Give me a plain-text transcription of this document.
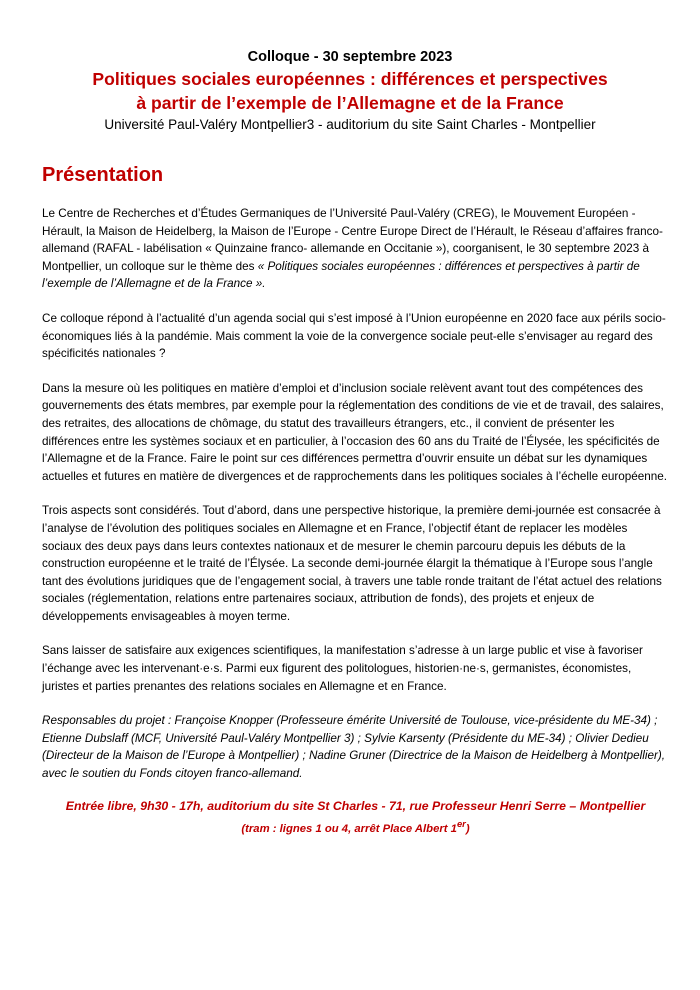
Colloque - 30 septembre 2023
Politiques sociales européennes : différences et perspectives
à partir de l’exemple de l’Allemagne et de la France
Université Paul-Valéry Montpellier3 - auditorium du site Saint Charles - Montpellier
Présentation

Le Centre de Recherches et d’Études Germaniques de l’Université Paul-Valéry (CREG), le Mouvement Européen - Hérault, la Maison de Heidelberg, la Maison de l’Europe - Centre Europe Direct de l’Hérault, le Réseau d’affaires franco-allemand (RAFAL - labélisation « Quinzaine franco- allemande en Occitanie »), coorganisent, le 30 septembre 2023 à Montpellier, un colloque sur le thème des « Politiques sociales européennes : différences et perspectives à partir de l’exemple de l’Allemagne et de la France ».

Ce colloque répond à l’actualité d’un agenda social qui s’est imposé à l’Union européenne en 2020 face aux périls socio-économiques liés à la pandémie. Mais comment la voie de la convergence sociale peut-elle s’envisager au regard des spécificités nationales ?

Dans la mesure où les politiques en matière d’emploi et d’inclusion sociale relèvent avant tout des compétences des gouvernements des états membres, par exemple pour la réglementation des conditions de vie et de travail, des salaires, des retraites, des allocations de chômage, du statut des travailleurs étrangers, etc., il convient de présenter les différences entre les systèmes sociaux et en particulier, à l’occasion des 60 ans du Traité de l’Élysée, les spécificités de l’Allemagne et de la France. Faire le point sur ces différences permettra d’ouvrir ensuite un débat sur les dynamiques actuelles et futures en matière de divergences et de rapprochements dans les politiques sociales à l’échelle européenne.

Trois aspects sont considérés. Tout d’abord, dans une perspective historique, la première demi-journée est consacrée à l’analyse de l’évolution des politiques sociales en Allemagne et en France, l’objectif étant de replacer les modèles sociaux des deux pays dans leurs contextes nationaux et de mesurer le chemin parcouru depuis les débuts de la construction européenne et le traité de l’Élysée. La seconde demi-journée élargit la thématique à l’Europe sous l’angle tant des évolutions juridiques que de l’engagement social, à travers une table ronde traitant de l’état actuel des relations sociales (réglementation, relations entre partenaires sociaux, attribution de fonds), des projets et enjeux de développements envisageables à moyen terme.

Sans laisser de satisfaire aux exigences scientifiques, la manifestation s’adresse à un large public et vise à favoriser l’échange avec les intervenant·e·s. Parmi eux figurent des politologues, historien·ne·s, germanistes, économistes, juristes et parties prenantes des relations sociales en Allemagne et en France.

Responsables du projet : Françoise Knopper (Professeure émérite Université de Toulouse, vice-présidente du ME-34) ; Etienne Dubslaff (MCF, Université Paul-Valéry Montpellier 3) ; Sylvie Karsenty (Présidente du ME-34) ; Olivier Dedieu (Directeur de la Maison de l’Europe à Montpellier) ; Nadine Gruner (Directrice de la Maison de Heidelberg à Montpellier), avec le soutien du Fonds citoyen franco-allemand.

Entrée libre, 9h30 - 17h, auditorium du site St Charles - 71, rue Professeur Henri Serre – Montpellier
(tram : lignes 1 ou 4, arrêt Place Albert 1er)
